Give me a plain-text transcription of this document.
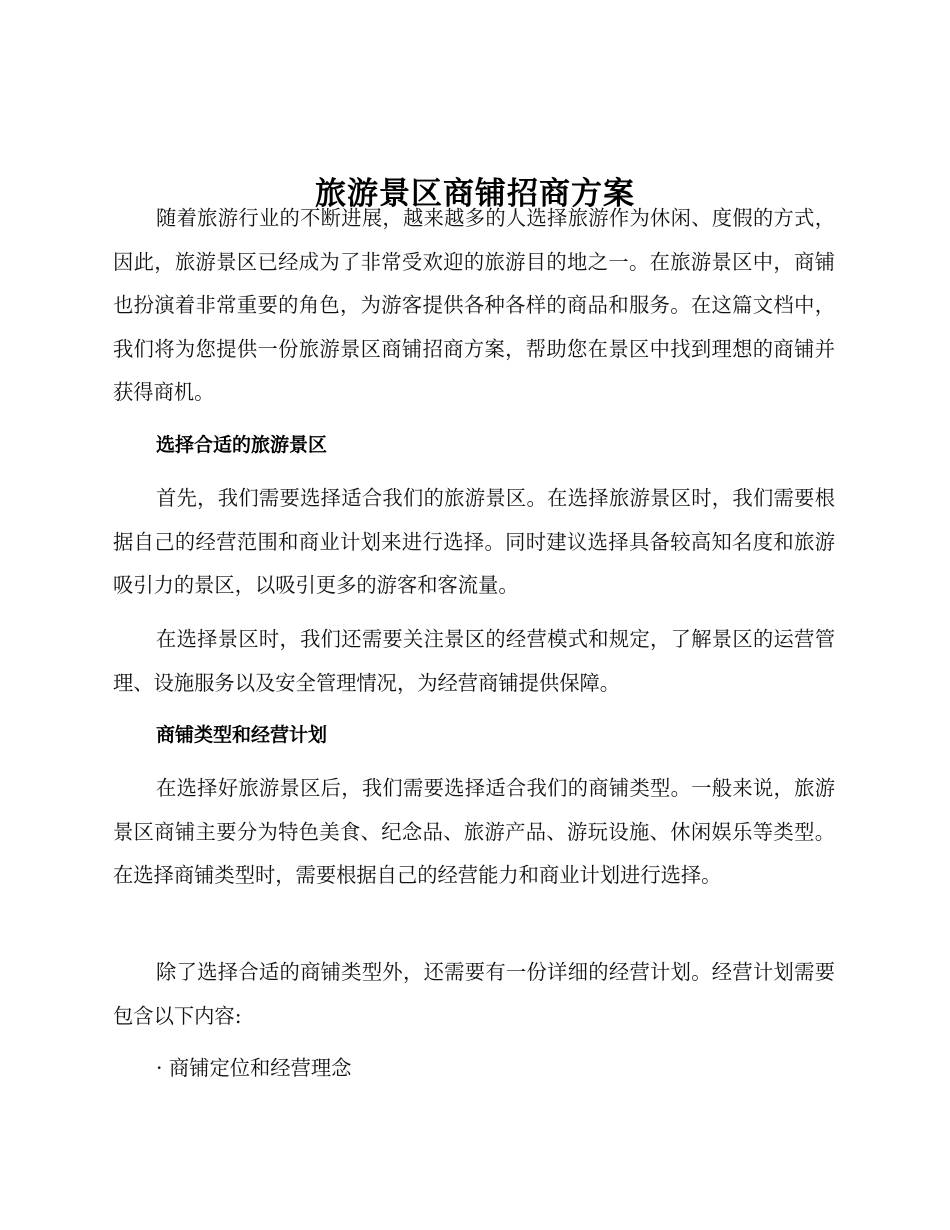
旅游景区商铺招商方案

随着旅游行业的不断进展，越来越多的人选择旅游作为休闲、度假的方式，因此，旅游景区已经成为了非常受欢迎的旅游目的地之一。在旅游景区中，商铺也扮演着非常重要的角色，为游客提供各种各样的商品和服务。在这篇文档中，我们将为您提供一份旅游景区商铺招商方案，帮助您在景区中找到理想的商铺并获得商机。

选择合适的旅游景区

首先，我们需要选择适合我们的旅游景区。在选择旅游景区时，我们需要根据自己的经营范围和商业计划来进行选择。同时建议选择具备较高知名度和旅游吸引力的景区，以吸引更多的游客和客流量。

在选择景区时，我们还需要关注景区的经营模式和规定，了解景区的运营管理、设施服务以及安全管理情况，为经营商铺提供保障。

商铺类型和经营计划

在选择好旅游景区后，我们需要选择适合我们的商铺类型。一般来说，旅游景区商铺主要分为特色美食、纪念品、旅游产品、游玩设施、休闲娱乐等类型。在选择商铺类型时，需要根据自己的经营能力和商业计划进行选择。

除了选择合适的商铺类型外，还需要有一份详细的经营计划。经营计划需要包含以下内容:

· 商铺定位和经营理念
